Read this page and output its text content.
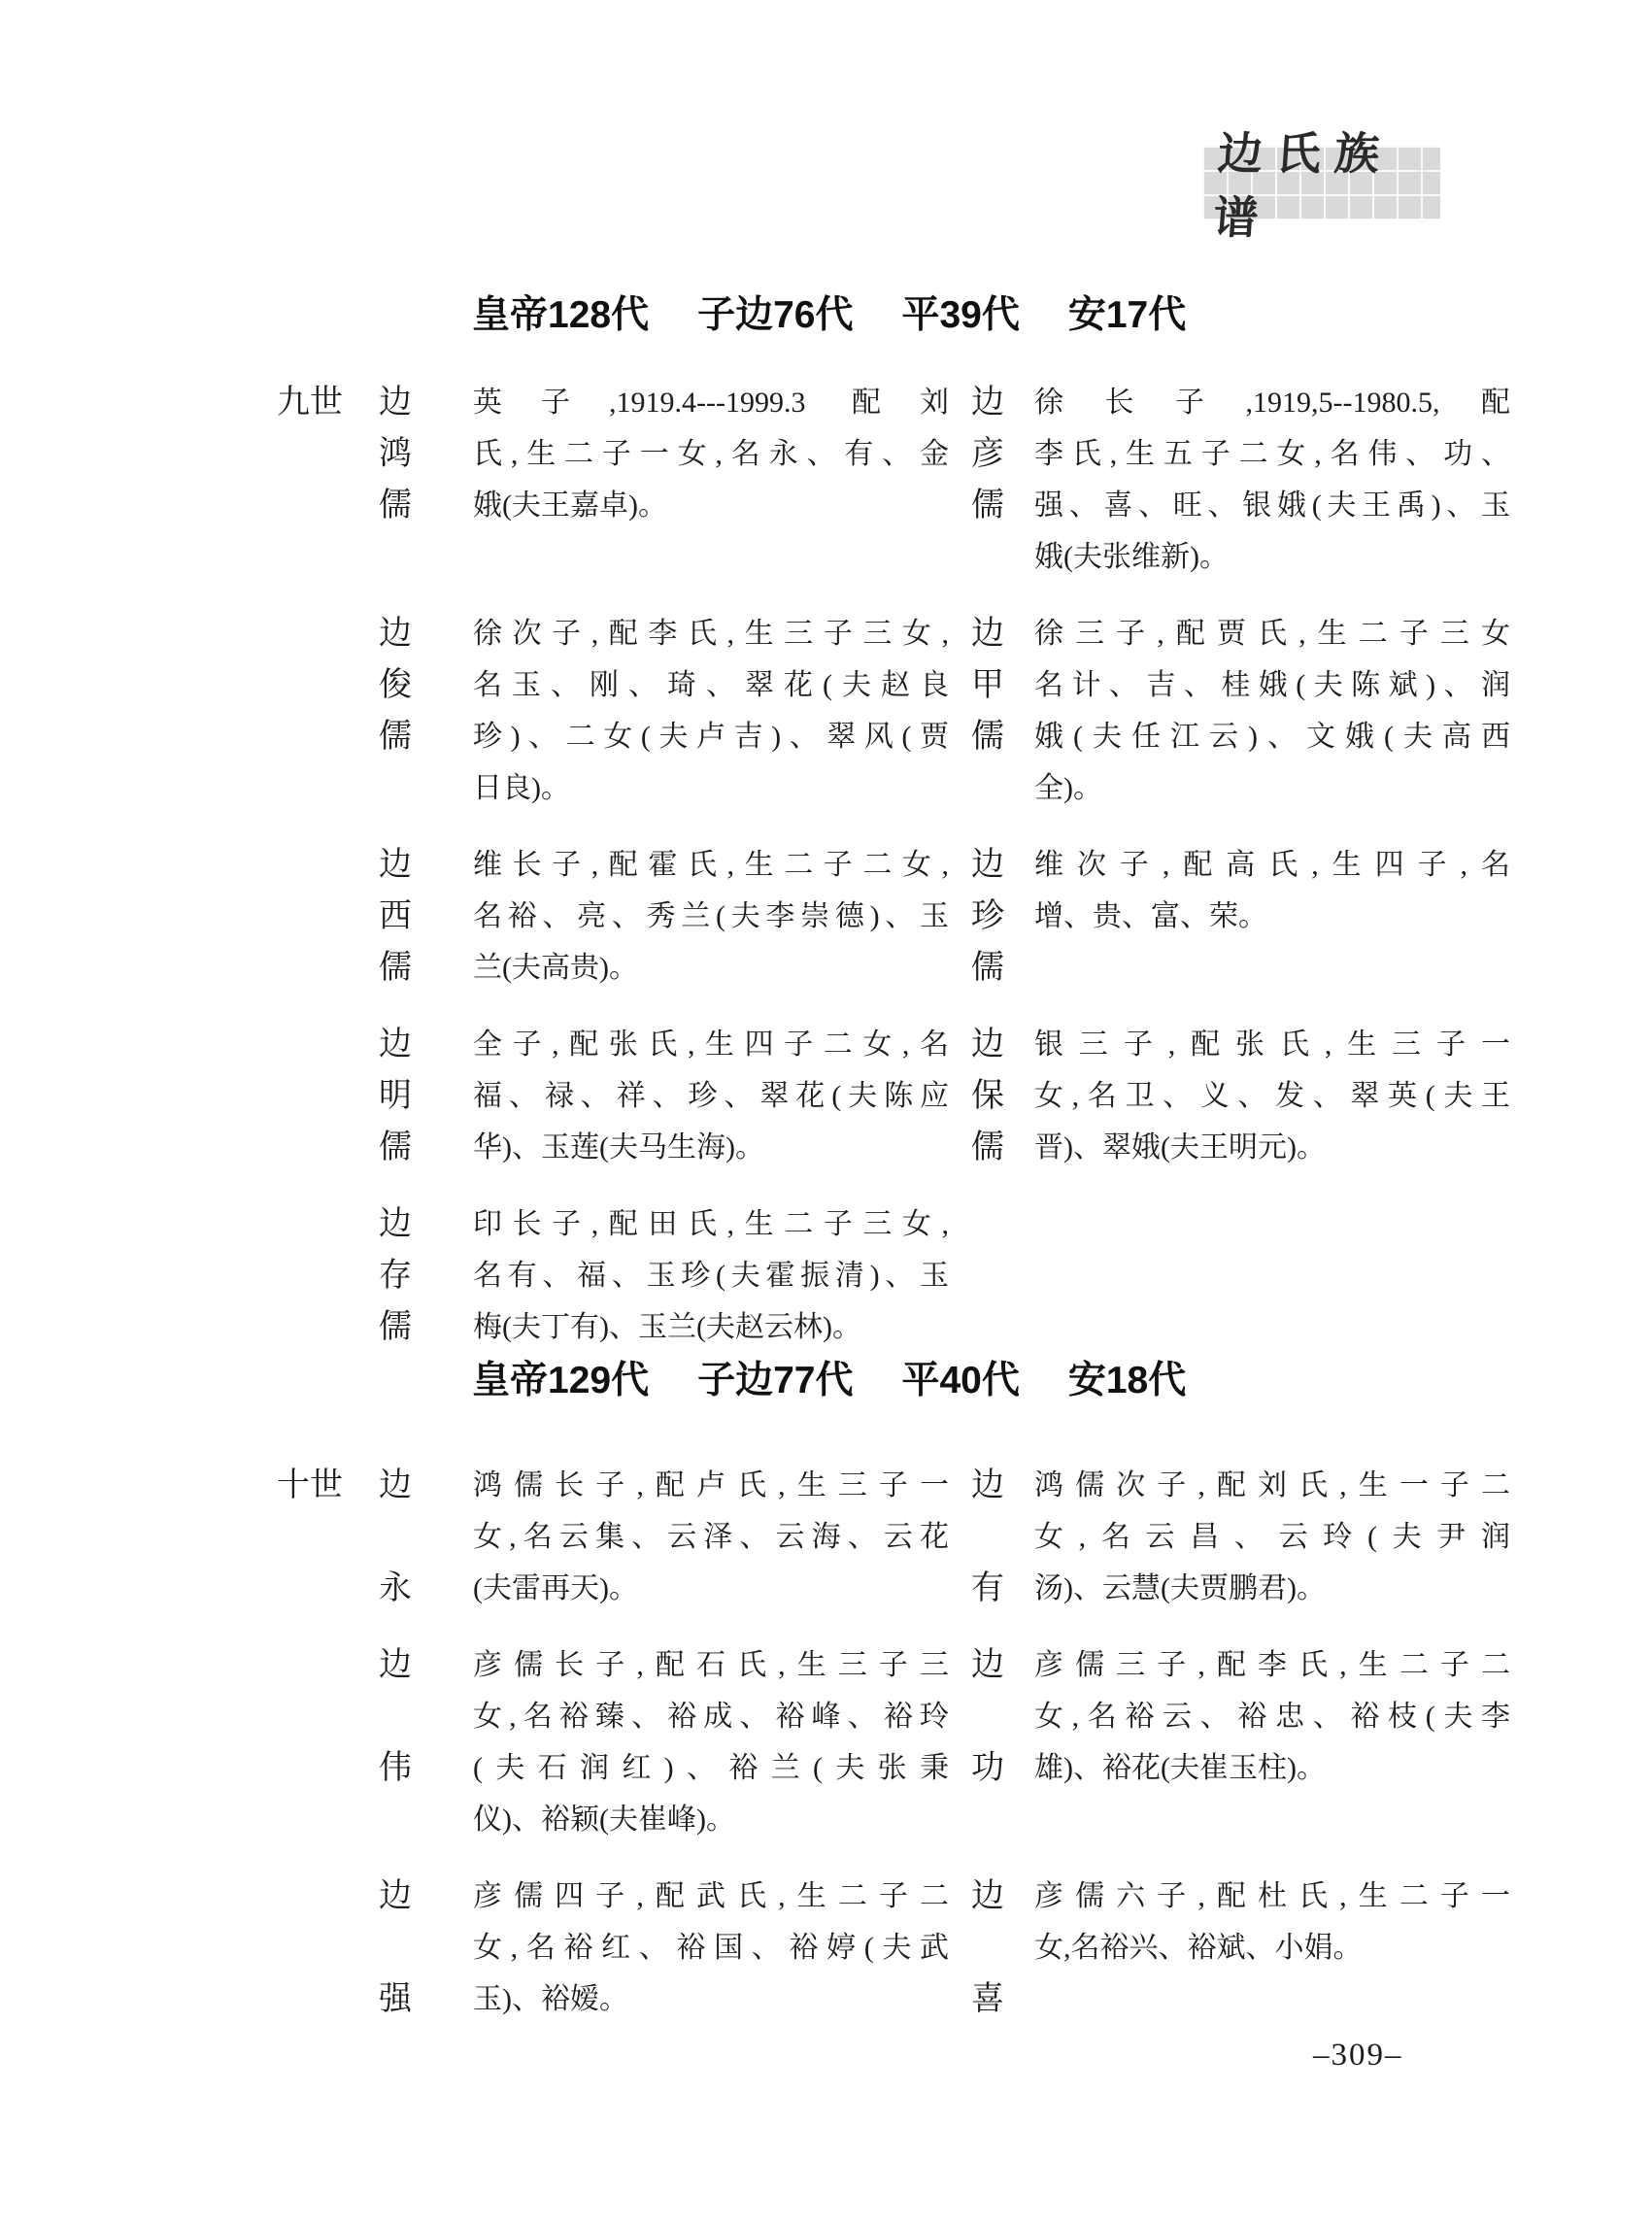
边氏族谱
皇帝128代 子边76代 平39代 安17代
九世	边
鸿
儒
英子,1919.4---1999.3 配刘
氏,生二子一女,名永、有、金
娥(夫王嘉卓)。
边
彦
儒
徐长子,1919,5--1980.5,配
李氏,生五子二女,名伟、功、
强、喜、旺、银娥(夫王禹)、玉
娥(夫张维新)。
边
俊
儒
徐次子,配李氏,生三子三女,
名玉、刚、琦、翠花(夫赵良
珍)、二女(夫卢吉)、翠风(贾
日良)。
边
甲
儒
徐三子,配贾氏,生二子三女
名计、吉、桂娥(夫陈斌)、润
娥(夫任江云)、文娥(夫高西
全)。
边
西
儒
维长子,配霍氏,生二子二女,
名裕、亮、秀兰(夫李崇德)、玉
兰(夫高贵)。
边
珍
儒
维次子,配高氏,生四子,名
增、贵、富、荣。
边
明
儒
全子,配张氏,生四子二女,名
福、禄、祥、珍、翠花(夫陈应
华)、玉莲(夫马生海)。
边
保
儒
银三子,配张氏,生三子一
女,名卫、义、发、翠英(夫王
晋)、翠娥(夫王明元)。
边
存
儒
印长子,配田氏,生二子三女,
名有、福、玉珍(夫霍振清)、玉
梅(夫丁有)、玉兰(夫赵云林)。
皇帝129代 子边77代 平40代 安18代
十世	边
永
鸿儒长子,配卢氏,生三子一
女,名云集、云泽、云海、云花
(夫雷再天)。
边
有
鸿儒次子,配刘氏,生一子二
女,名云昌、云玲(夫尹润
汤)、云慧(夫贾鹏君)。
边
伟
彦儒长子,配石氏,生三子三
女,名裕臻、裕成、裕峰、裕玲
(夫石润红)、裕兰(夫张秉
仪)、裕颖(夫崔峰)。
边
功
彦儒三子,配李氏,生二子二
女,名裕云、裕忠、裕枝(夫李
雄)、裕花(夫崔玉柱)。
边
强
彦儒四子,配武氏,生二子二
女,名裕红、裕国、裕婷(夫武
玉)、裕嫒。
边
喜
彦儒六子,配杜氏,生二子一
女,名裕兴、裕斌、小娟。
–309–
